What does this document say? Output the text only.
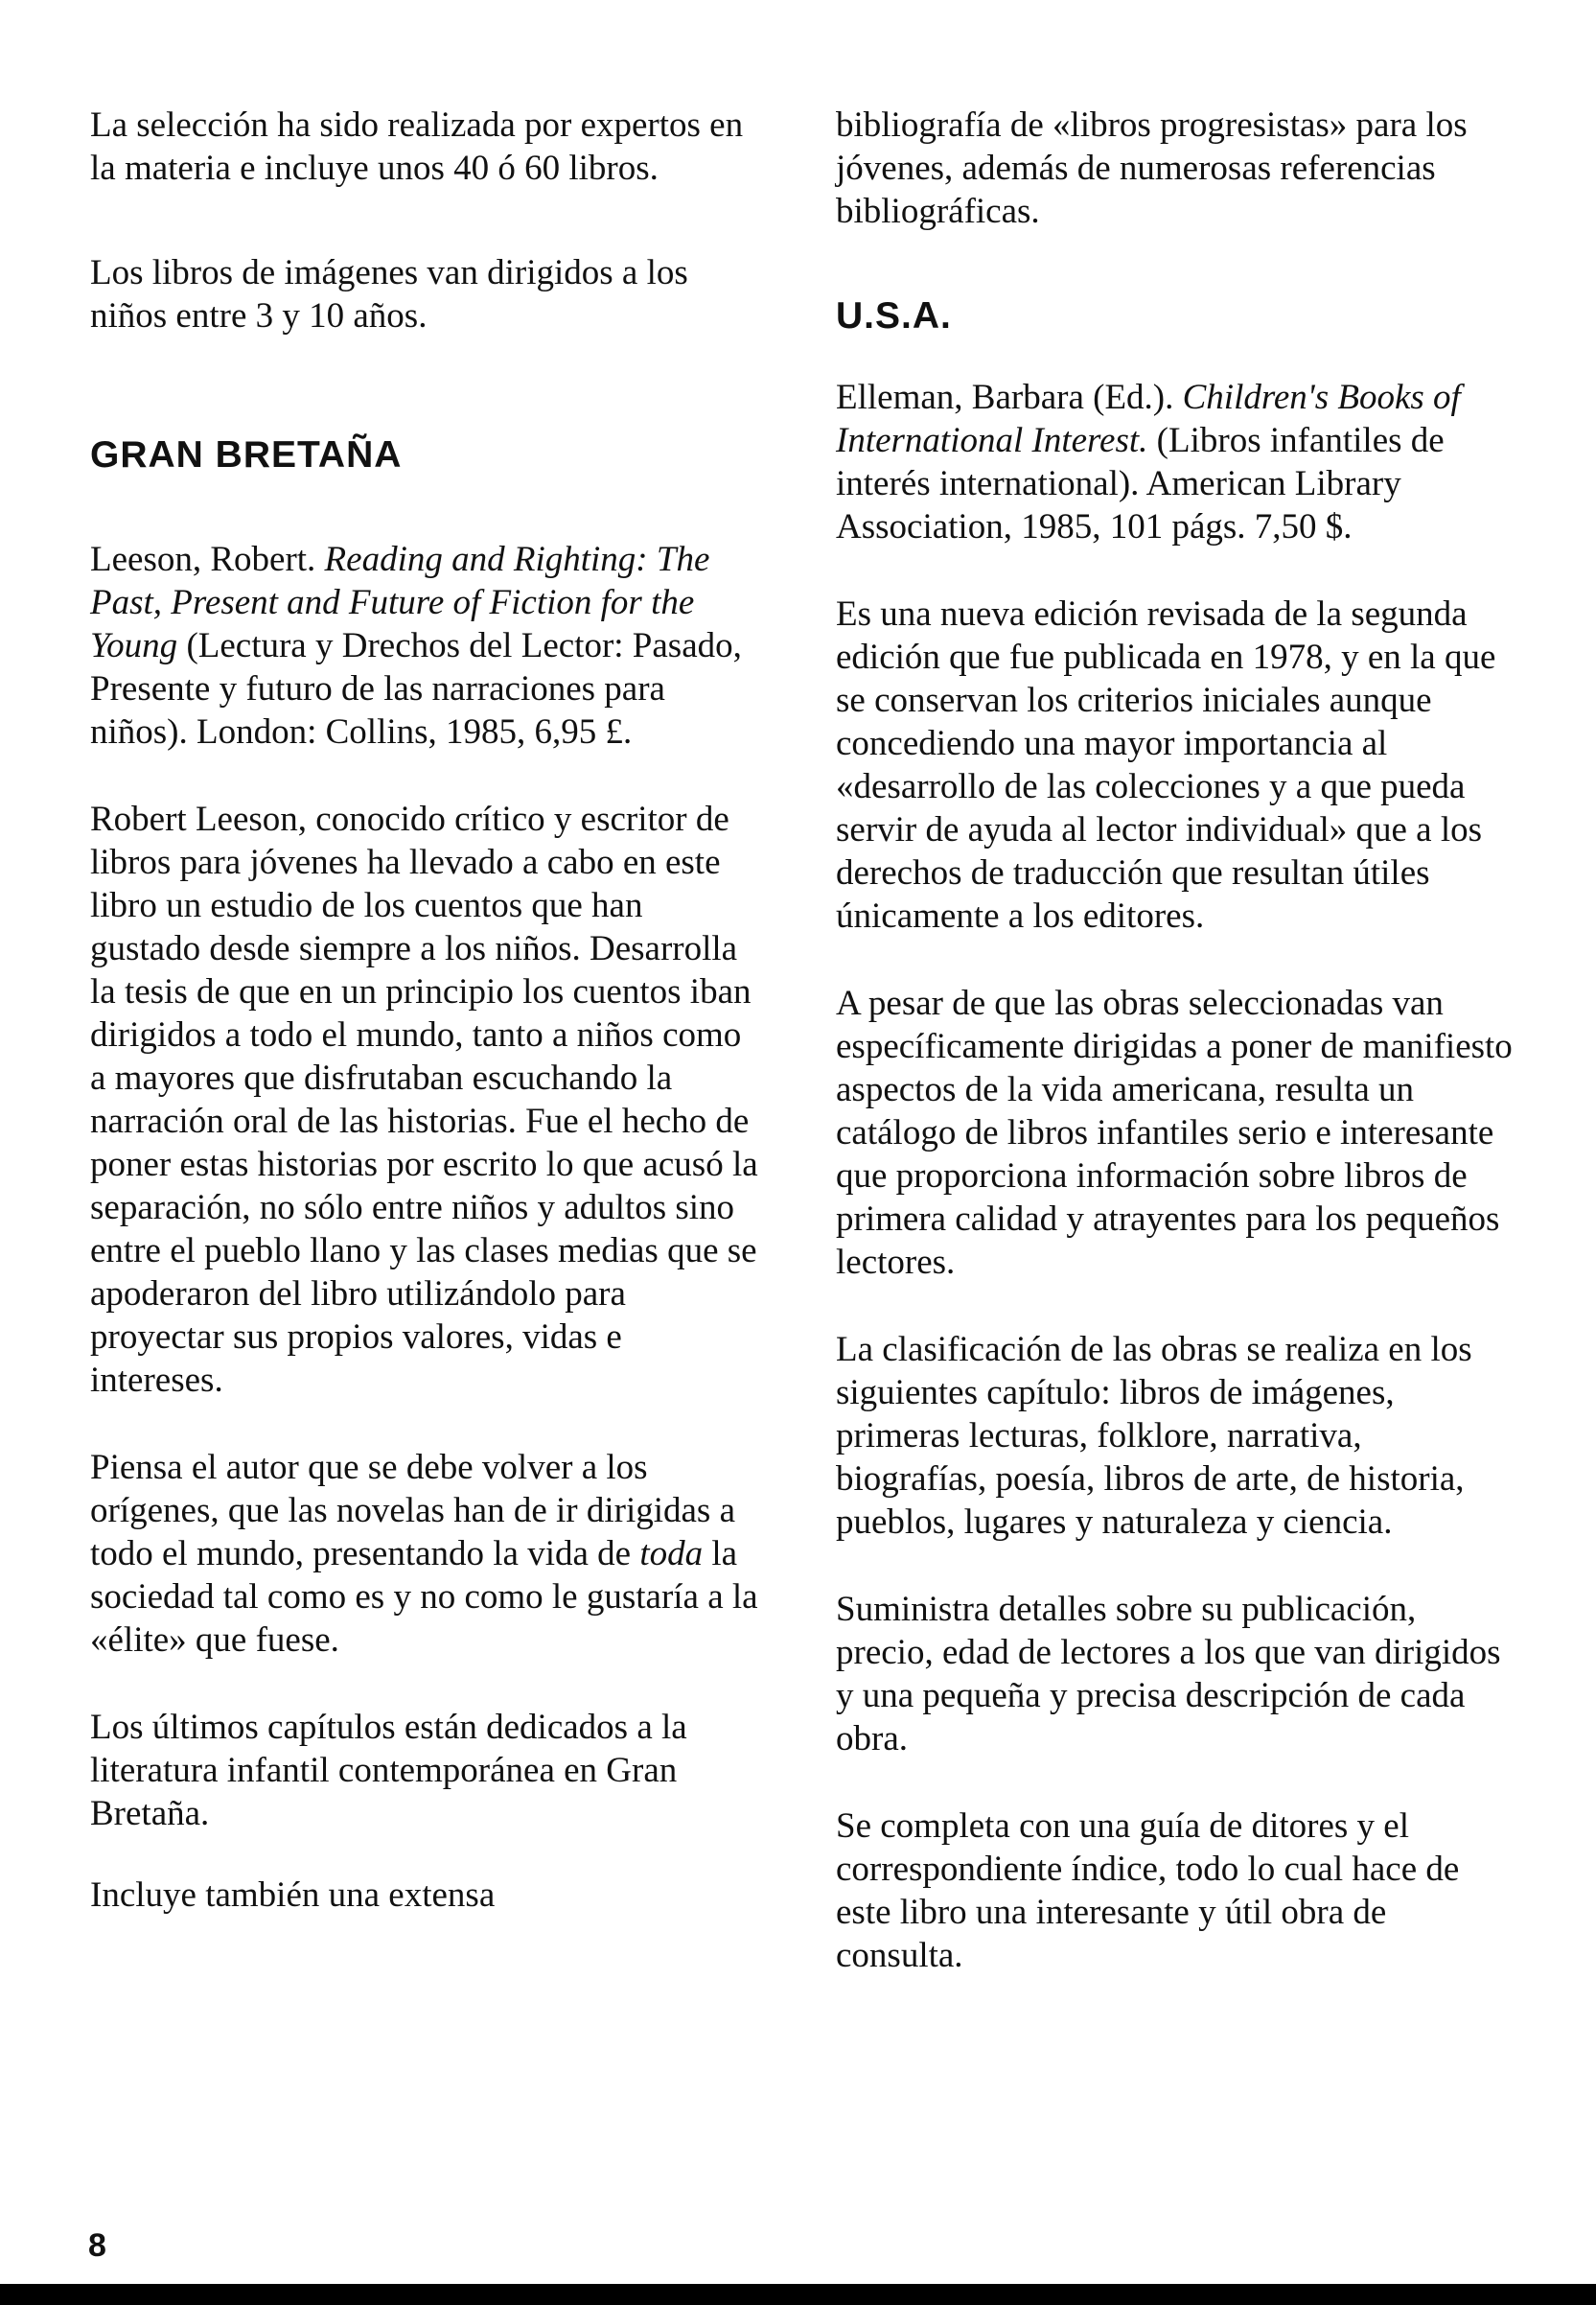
La selección ha sido realizada por expertos en la materia e incluye unos 40 ó 60 libros.

Los libros de imágenes van dirigidos a los niños entre 3 y 10 años.

GRAN BRETAÑA

Leeson, Robert. Reading and Righting: The Past, Present and Future of Fiction for the Young (Lectura y Drechos del Lector: Pasado, Presente y futuro de las narraciones para niños). London: Collins, 1985, 6,95 £.

Robert Leeson, conocido crítico y escritor de libros para jóvenes ha llevado a cabo en este libro un estudio de los cuentos que han gustado desde siempre a los niños. Desarrolla la tesis de que en un principio los cuentos iban dirigidos a todo el mundo, tanto a niños como a mayores que disfrutaban escuchando la narración oral de las historias. Fue el hecho de poner estas historias por escrito lo que acusó la separación, no sólo entre niños y adultos sino entre el pueblo llano y las clases medias que se apoderaron del libro utilizándolo para proyectar sus propios valores, vidas e intereses.

Piensa el autor que se debe volver a los orígenes, que las novelas han de ir dirigidas a todo el mundo, presentando la vida de toda la sociedad tal como es y no como le gustaría a la «élite» que fuese.

Los últimos capítulos están dedicados a la literatura infantil contemporánea en Gran Bretaña.

Incluye también una extensa

bibliografía de «libros progresistas» para los jóvenes, además de numerosas referencias bibliográficas.

U.S.A.

Elleman, Barbara (Ed.). Children's Books of International Interest. (Libros infantiles de interés international). American Library Association, 1985, 101 págs. 7,50 $.

Es una nueva edición revisada de la segunda edición que fue publicada en 1978, y en la que se conservan los criterios iniciales aunque concediendo una mayor importancia al «desarrollo de las colecciones y a que pueda servir de ayuda al lector individual» que a los derechos de traducción que resultan útiles únicamente a los editores.

A pesar de que las obras seleccionadas van específicamente dirigidas a poner de manifiesto aspectos de la vida americana, resulta un catálogo de libros infantiles serio e interesante que proporciona información sobre libros de primera calidad y atrayentes para los pequeños lectores.

La clasificación de las obras se realiza en los siguientes capítulo: libros de imágenes, primeras lecturas, folklore, narrativa, biografías, poesía, libros de arte, de historia, pueblos, lugares y naturaleza y ciencia.

Suministra detalles sobre su publicación, precio, edad de lectores a los que van dirigidos y una pequeña y precisa descripción de cada obra.

Se completa con una guía de ditores y el correspondiente índice, todo lo cual hace de este libro una interesante y útil obra de consulta.

8
